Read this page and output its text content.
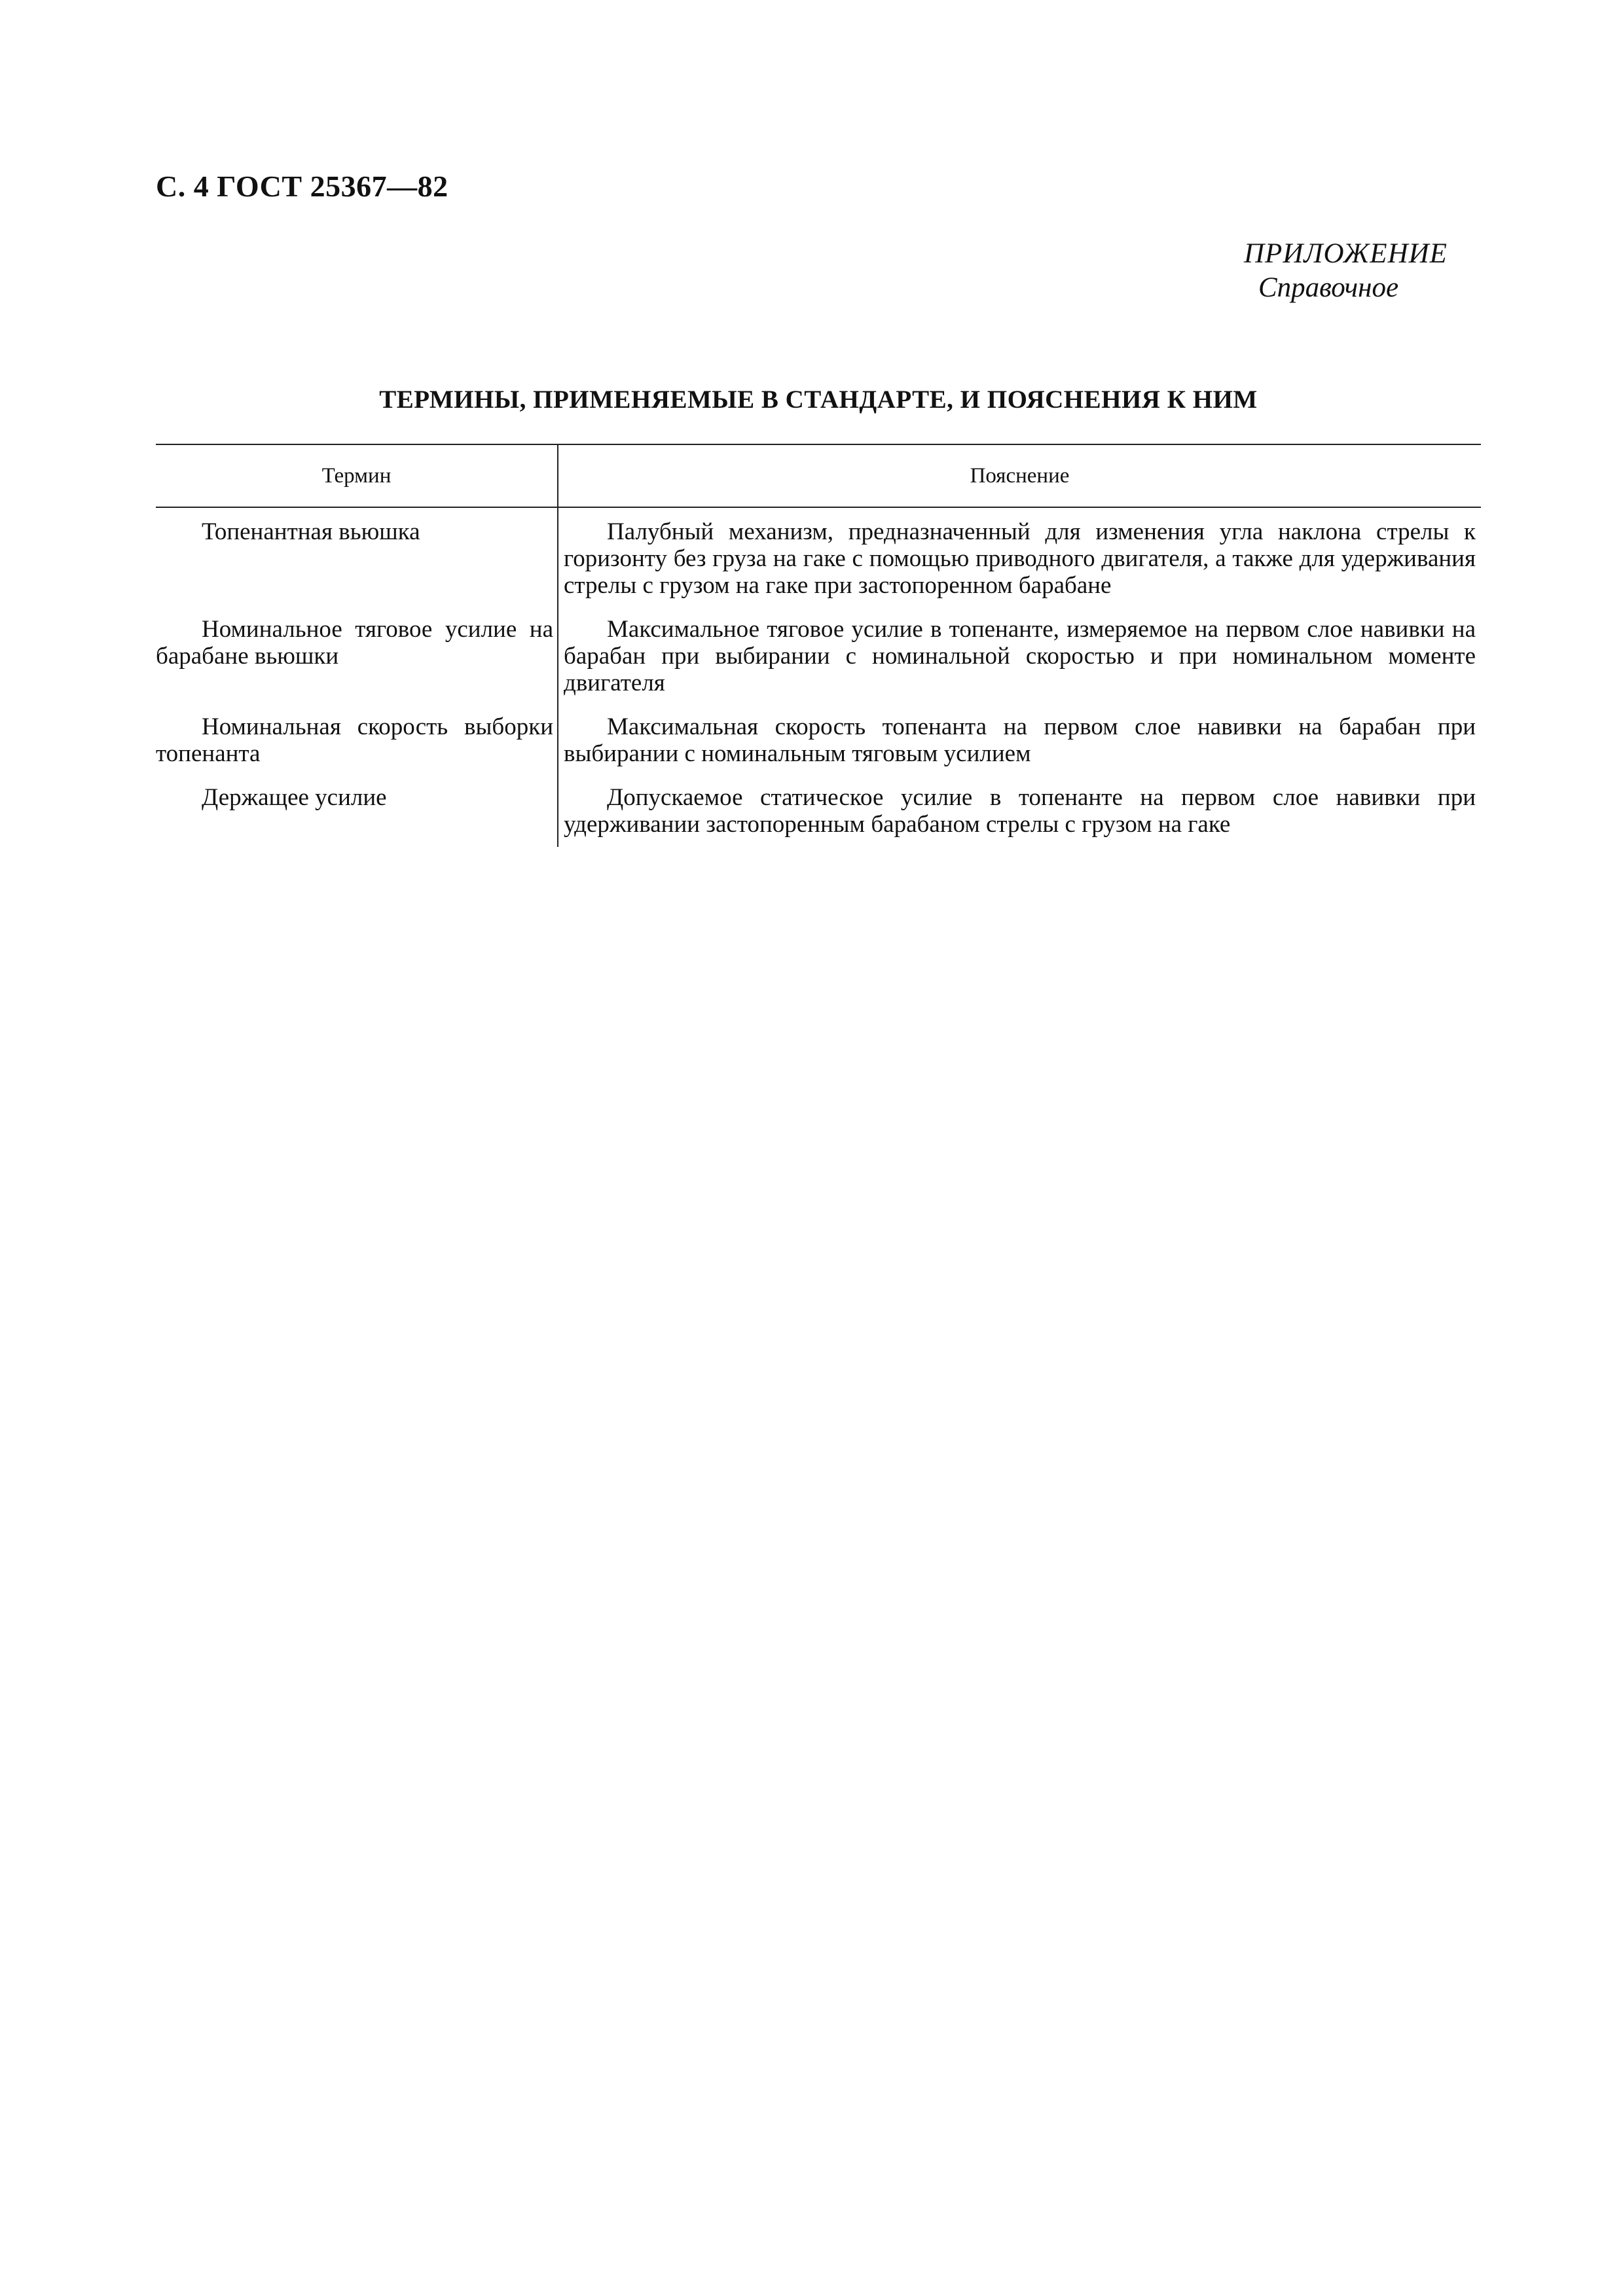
С. 4 ГОСТ 25367—82
ПРИЛОЖЕНИЕ
Справочное
ТЕРМИНЫ, ПРИМЕНЯЕМЫЕ В СТАНДАРТЕ, И ПОЯСНЕНИЯ К НИМ
Термин	Пояснение
Топенантная вьюшка	Палубный механизм, предназначенный для изменения угла наклона стрелы к горизонту без груза на гаке с помощью приводного двигателя, а также для удерживания стрелы с грузом на гаке при застопоренном барабане
Номинальное тяговое усилие на барабане вьюшки	Максимальное тяговое усилие в топенанте, измеряемое на первом слое навивки на барабан при выбирании с номинальной скоростью и при номинальном моменте двигателя
Номинальная скорость выборки топенанта	Максимальная скорость топенанта на первом слое навивки на барабан при выбирании с номинальным тяговым усилием
Держащее усилие	Допускаемое статическое усилие в топенанте на первом слое навивки при удерживании застопоренным барабаном стрелы с грузом на гаке
